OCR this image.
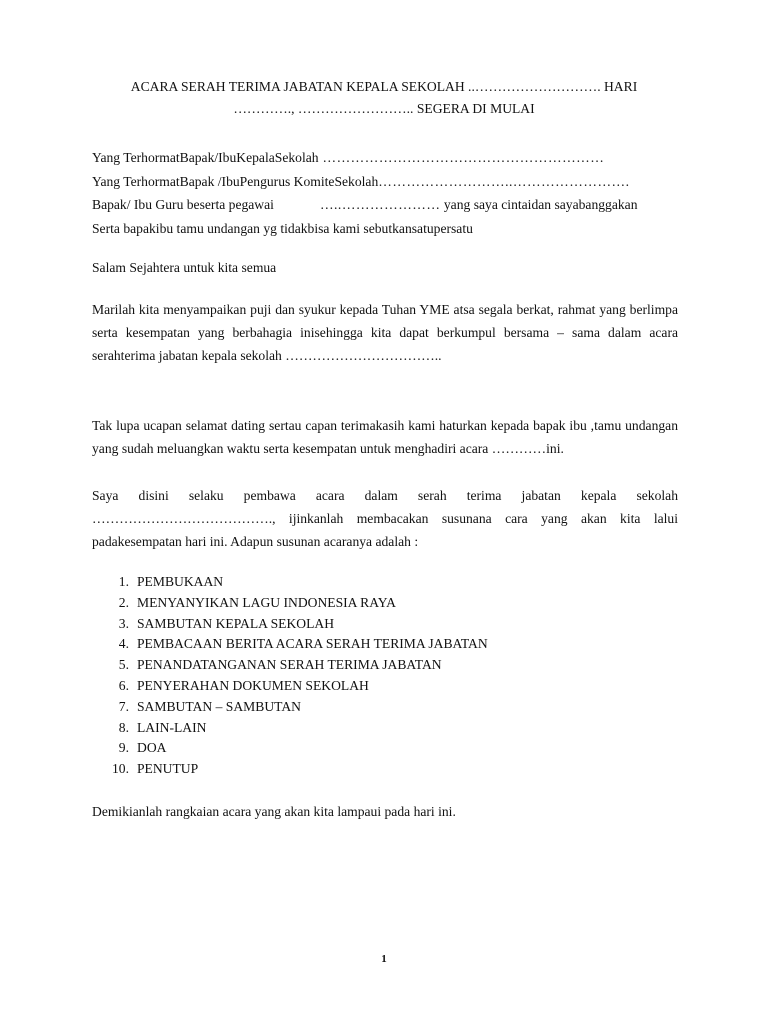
ACARA SERAH TERIMA JABATAN KEPALA SEKOLAH ..………………………. HARI
…………., …………………….. SEGERA DI MULAI
Yang TerhormatBapak/IbuKepalaSekolah ……………………………………………………
Yang TerhormatBapak /IbuPengurus KomiteSekolah………………………..…………………….
Bapak/ Ibu Guru beserta pegawai	…..………………… yang saya cintaidan sayabanggakan
Serta bapakibu tamu undangan yg tidakbisa kami sebutkansatupersatu
Salam Sejahtera untuk kita semua

Marilah kita menyampaikan puji dan syukur kepada Tuhan YME atsa segala berkat, rahmat yang berlimpa serta kesempatan yang berbahagia inisehingga kita dapat berkumpul bersama – sama dalam acara serahterima jabatan kepala sekolah ……………………………..

Tak lupa ucapan selamat dating sertau capan terimakasih kami haturkan kepada bapak ibu ,tamu undangan yang sudah meluangkan waktu serta kesempatan untuk menghadiri acara …………ini.

Saya disini selaku pembawa acara dalam serah terima jabatan kepala sekolah …………………………………., ijinkanlah membacakan susunana cara yang akan kita lalui padakesempatan hari ini. Adapun susunan acaranya adalah :

1. PEMBUKAAN
2. MENYANYIKAN LAGU INDONESIA RAYA
3. SAMBUTAN KEPALA SEKOLAH
4. PEMBACAAN BERITA ACARA SERAH TERIMA JABATAN
5. PENANDATANGANAN SERAH TERIMA JABATAN
6. PENYERAHAN DOKUMEN SEKOLAH
7. SAMBUTAN – SAMBUTAN
8. LAIN-LAIN
9. DOA
10. PENUTUP
Demikianlah rangkaian acara yang akan kita lampaui pada hari ini.
1
